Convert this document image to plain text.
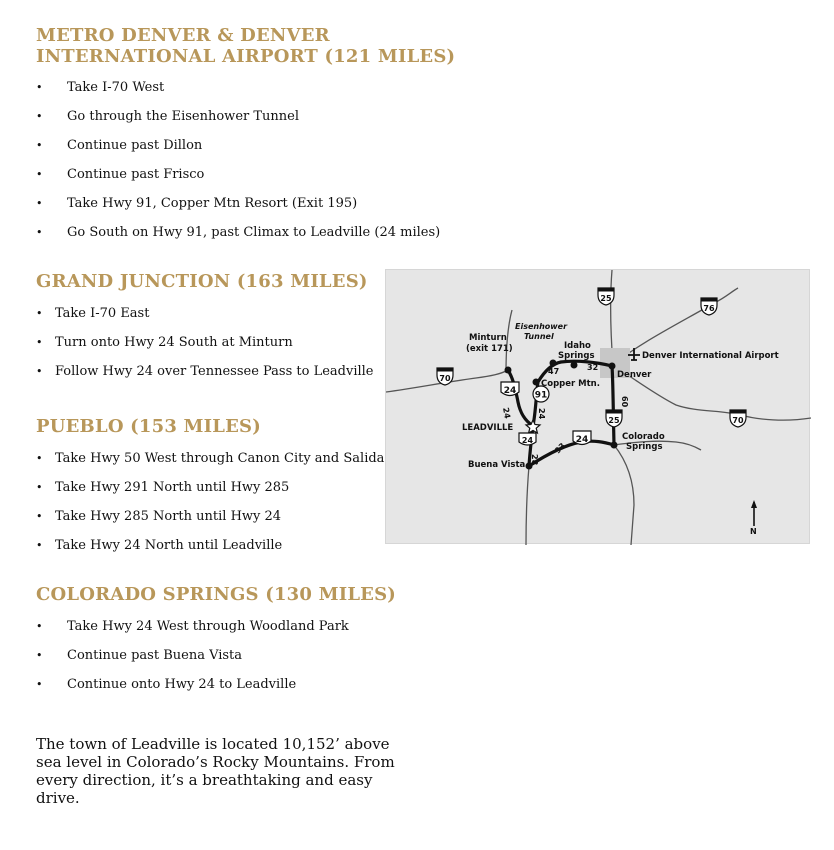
METRO DENVER & DENVER
INTERNATIONAL AIRPORT (121 MILES)
• Take I-70 West
• Go through the Eisenhower Tunnel
• Continue past Dillon
• Continue past Frisco
• Take Hwy 91, Copper Mtn Resort (Exit 195)
• Go South on Hwy 91, past Climax to Leadville (24 miles)
GRAND JUNCTION (163 MILES)
• Take I-70 East
• Turn onto Hwy 24 South at Minturn
• Follow Hwy 24 over Tennessee Pass to Leadville
PUEBLO (153 MILES)
• Take Hwy 50 West through Canon City and Salida
• Take Hwy 291 North until Hwy 285
• Take Hwy 285 North until Hwy 24
• Take Hwy 24 North until Leadville
COLORADO SPRINGS (130 MILES)
• Take Hwy 24 West through Woodland Park
• Continue past Buena Vista
• Continue onto Hwy 24 to Leadville

The town of Leadville is located 10,152’ above sea level in Colorado’s Rocky Mountains. From every direction, it’s a breathtaking and easy drive.

25
76
70
70
25
24 91
24	24
47	32
60
24
24
28
93
Minturn
(exit 171)
Eisenhower
Tunnel
Idaho
Springs
Copper Mtn.
Denver
Denver International Airport
LEADVILLE
Buena Vista
Colorado
Springs
N
